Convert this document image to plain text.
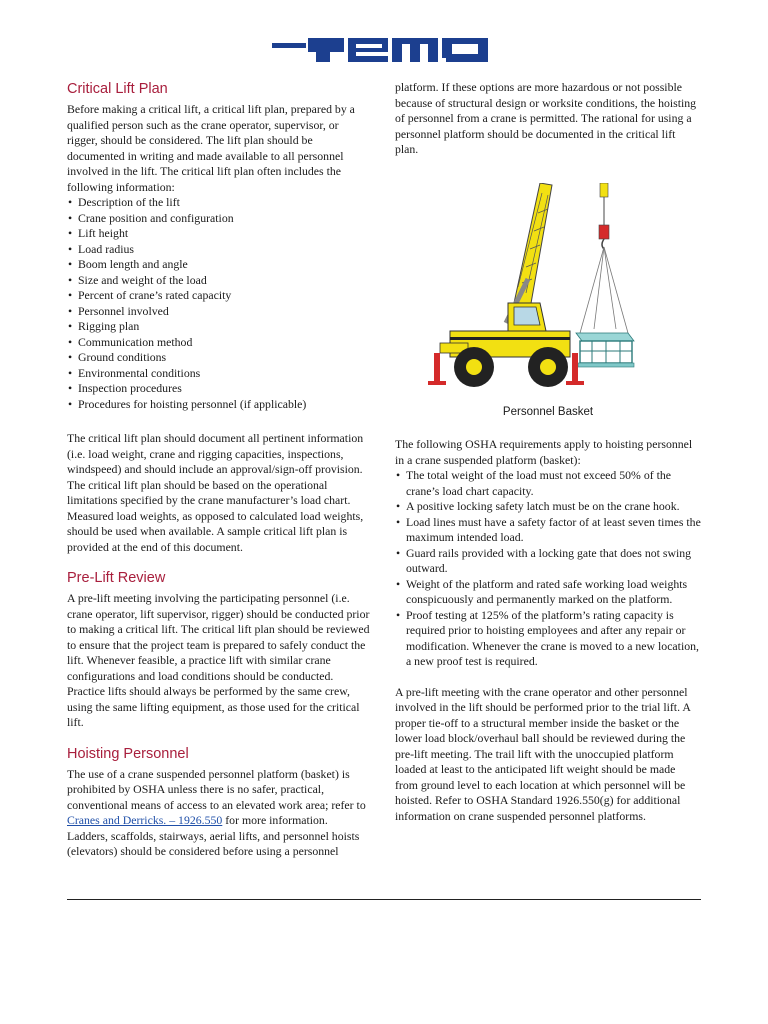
Critical Lift Plan

Before making a critical lift, a critical lift plan, prepared by a qualified person such as the crane operator, supervisor, or rigger, should be considered. The lift plan should be documented in writing and made available to all personnel involved in the lift. The critical lift plan often includes the following information:

• Description of the lift
• Crane position and configuration
• Lift height
• Load radius
• Boom length and angle
• Size and weight of the load
• Percent of crane’s rated capacity
• Personnel involved
• Rigging plan
• Communication method
• Ground conditions
• Environmental conditions
• Inspection procedures
• Procedures for hoisting personnel (if applicable)

The critical lift plan should document all pertinent information (i.e. load weight, crane and rigging capacities, inspections, windspeed) and should include an approval/sign-off provision. The critical lift plan should be based on the operational limitations specified by the crane manufacturer’s load chart. Measured load weights, as opposed to calculated load weights, should be used when available. A sample critical lift plan is provided at the end of this document.

Pre-Lift Review

A pre-lift meeting involving the participating personnel (i.e. crane operator, lift supervisor, rigger) should be conducted prior to making a critical lift. The critical lift plan should be reviewed to ensure that the project team is prepared to safely conduct the lift. Whenever feasible, a practice lift with similar crane configurations and load conditions should be conducted. Practice lifts should always be performed by the same crew, using the same lifting equipment, as those used for the critical lift.

Hoisting Personnel

The use of a crane suspended personnel platform (basket) is prohibited by OSHA unless there is no safer, practical, conventional means of access to an elevated work area; refer to Cranes and Derricks. – 1926.550 for more information. Ladders, scaffolds, stairways, aerial lifts, and personnel hoists (elevators) should be considered before using a personnel

platform. If these options are more hazardous or not possible because of structural design or worksite conditions, the hoisting of personnel from a crane is permitted. The rational for using a personnel platform should be documented in the critical lift plan.

Personnel Basket

The following OSHA requirements apply to hoisting personnel in a crane suspended platform (basket):

• The total weight of the load must not exceed 50% of the crane’s load chart capacity.
• A positive locking safety latch must be on the crane hook.
• Load lines must have a safety factor of at least seven times the maximum intended load.
• Guard rails provided with a locking gate that does not swing outward.
• Weight of the platform and rated safe working load weights conspicuously and permanently marked on the platform.
• Proof testing at 125% of the platform’s rating capacity is required prior to hoisting employees and after any repair or modification. Whenever the crane is moved to a new location, a new proof test is required.

A pre-lift meeting with the crane operator and other personnel involved in the lift should be performed prior to the trial lift. A proper tie-off to a structural member inside the basket or the lower load block/overhaul ball should be reviewed during the pre-lift meeting. The trail lift with the unoccupied platform loaded at least to the anticipated lift weight should be made from ground level to each location at which personnel will be hoisted. Refer to OSHA Standard 1926.550(g) for additional information on crane suspended personnel platforms.
